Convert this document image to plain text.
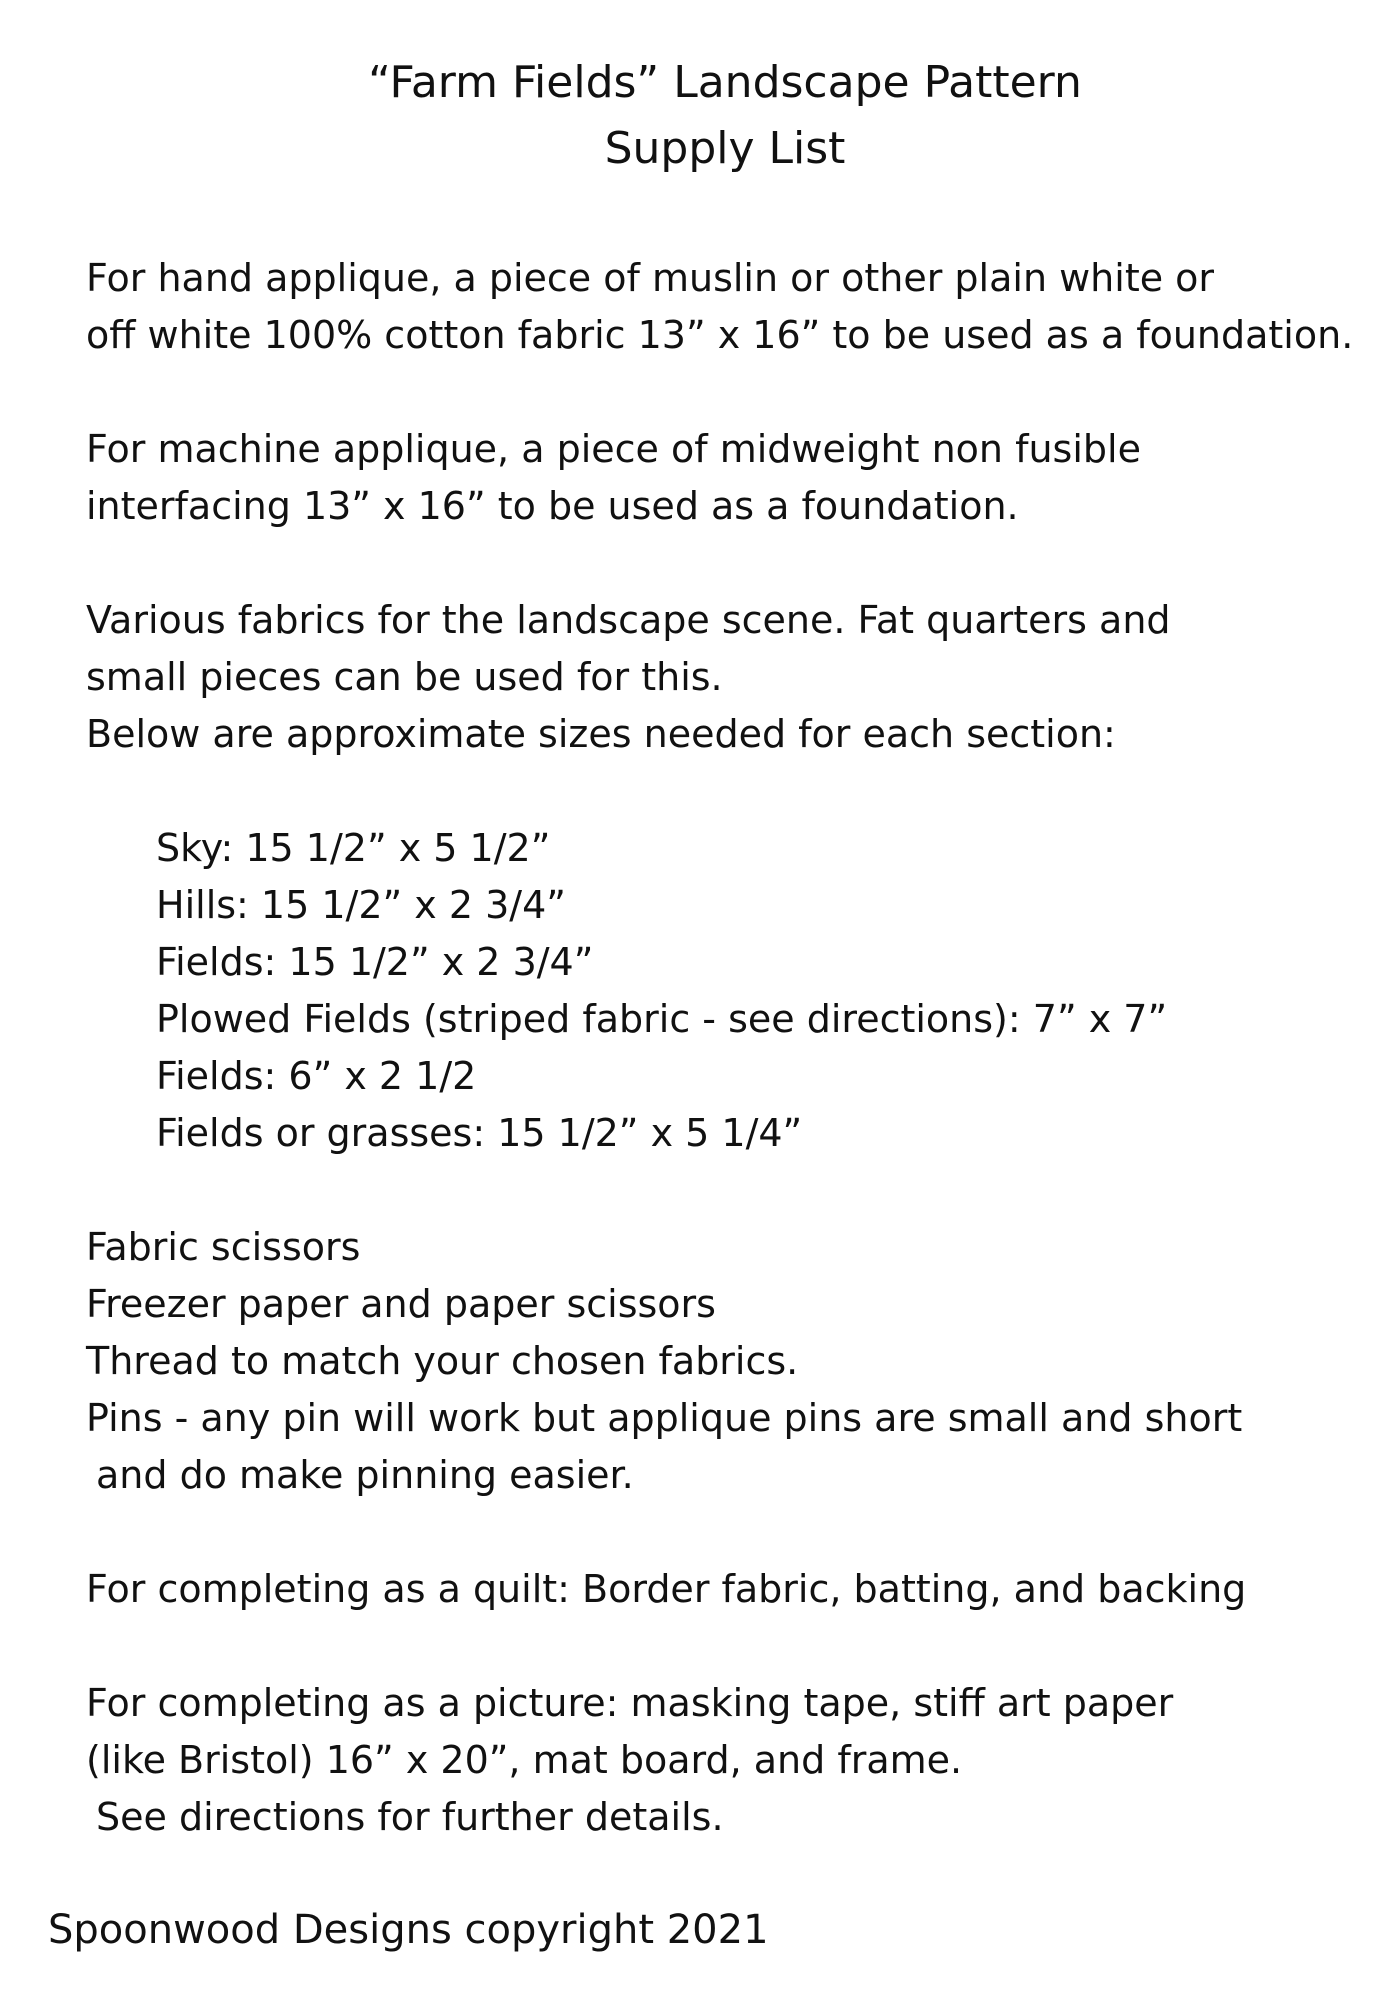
“Farm Fields” Landscape Pattern
Supply List
For hand applique, a piece of muslin or other plain white or
off white 100% cotton fabric 13” x 16” to be used as a foundation.
For machine applique, a piece of midweight non fusible
interfacing 13” x 16” to be used as a foundation.
Various fabrics for the landscape scene. Fat quarters and
small pieces can be used for this.
Below are approximate sizes needed for each section:
Sky: 15 1/2” x 5 1/2”
Hills: 15 1/2” x 2 3/4”
Fields: 15 1/2” x 2 3/4”
Plowed Fields (striped fabric - see directions): 7” x 7”
Fields: 6” x 2 1/2
Fields or grasses: 15 1/2” x 5 1/4”
Fabric scissors
Freezer paper and paper scissors
Thread to match your chosen fabrics.
Pins - any pin will work but applique pins are small and short
and do make pinning easier.
For completing as a quilt: Border fabric, batting, and backing
For completing as a picture: masking tape, stiff art paper
(like Bristol) 16” x 20”, mat board, and frame.
See directions for further details.
Spoonwood Designs copyright 2021
